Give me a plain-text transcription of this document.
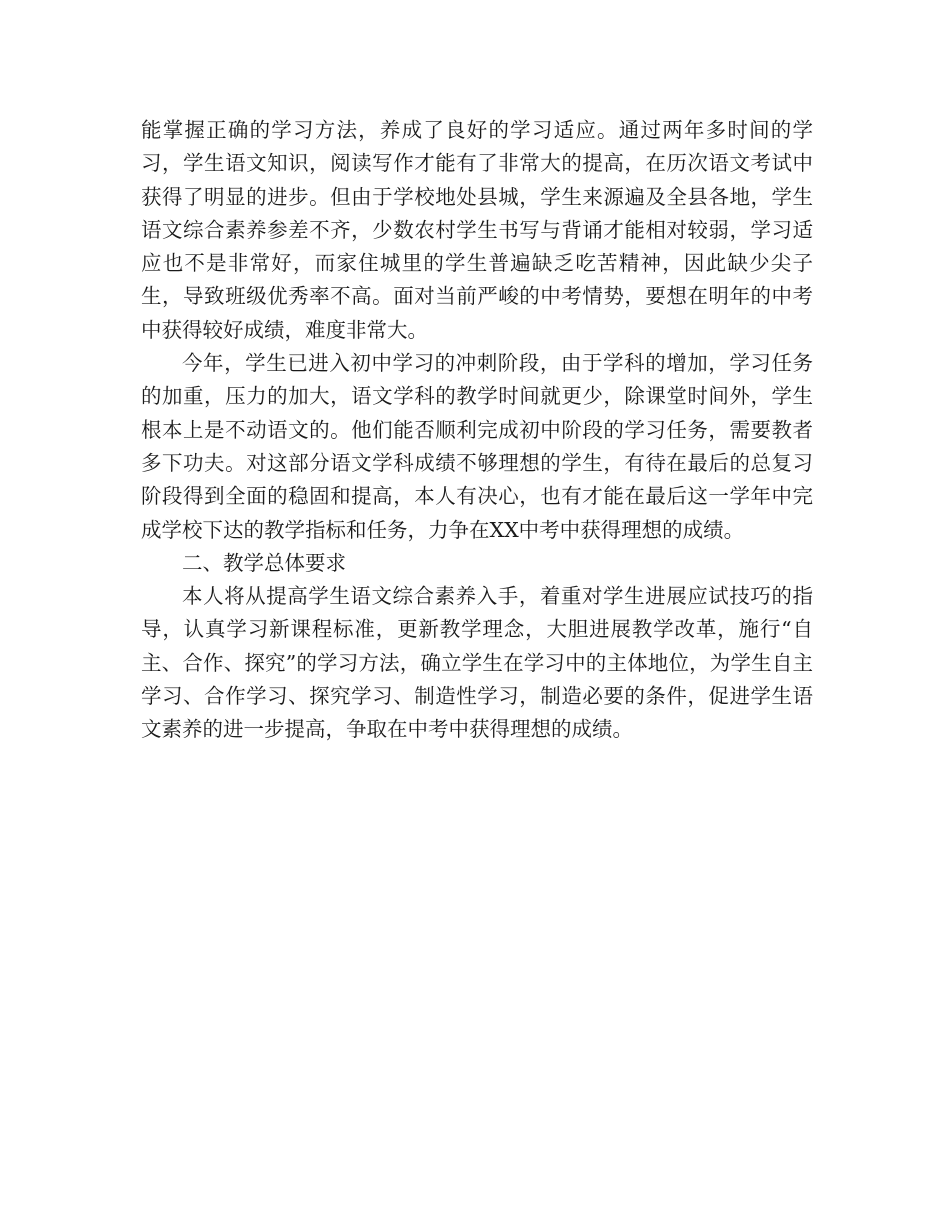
能掌握正确的学习方法，养成了良好的学习适应。通过两年多时间的学习，学生语文知识，阅读写作才能有了非常大的提高，在历次语文考试中获得了明显的进步。但由于学校地处县城，学生来源遍及全县各地，学生语文综合素养参差不齐，少数农村学生书写与背诵才能相对较弱，学习适应也不是非常好，而家住城里的学生普遍缺乏吃苦精神，因此缺少尖子生，导致班级优秀率不高。面对当前严峻的中考情势，要想在明年的中考中获得较好成绩，难度非常大。

今年，学生已进入初中学习的冲刺阶段，由于学科的增加，学习任务的加重，压力的加大，语文学科的教学时间就更少，除课堂时间外，学生根本上是不动语文的。他们能否顺利完成初中阶段的学习任务，需要教者多下功夫。对这部分语文学科成绩不够理想的学生，有待在最后的总复习阶段得到全面的稳固和提高，本人有决心，也有才能在最后这一学年中完成学校下达的教学指标和任务，力争在XX中考中获得理想的成绩。

二、教学总体要求

本人将从提高学生语文综合素养入手，着重对学生进展应试技巧的指导，认真学习新课程标准，更新教学理念，大胆进展教学改革，施行“自主、合作、探究”的学习方法，确立学生在学习中的主体地位，为学生自主学习、合作学习、探究学习、制造性学习，制造必要的条件，促进学生语文素养的进一步提高，争取在中考中获得理想的成绩。
